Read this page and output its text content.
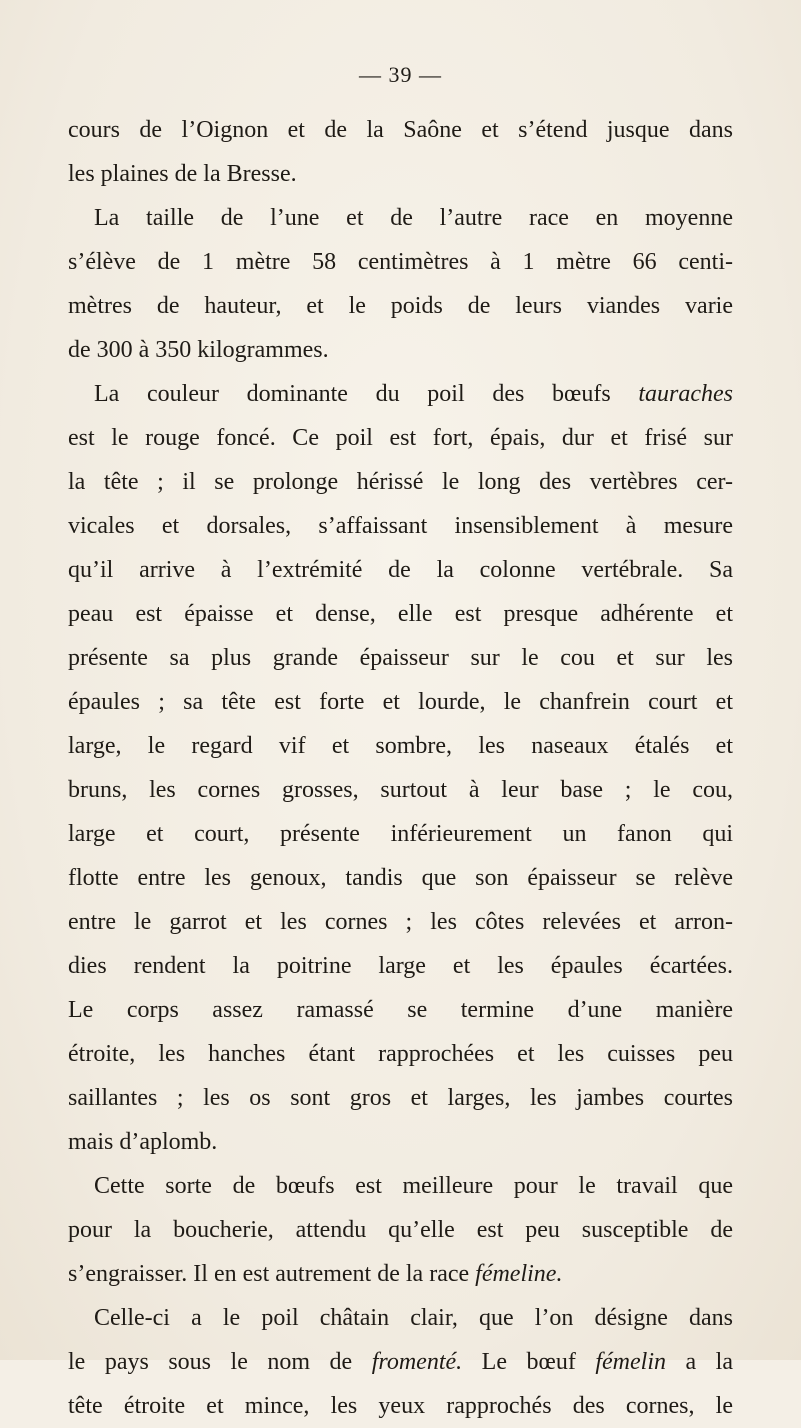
— 39 —
cours de l’Oignon et de la Saône et s’étend jusque dans
les plaines de la Bresse.
La taille de l’une et de l’autre race en moyenne
s’élève de 1 mètre 58 centimètres à 1 mètre 66 centi-
mètres de hauteur, et le poids de leurs viandes varie
de 300 à 350 kilogrammes.
La couleur dominante du poil des bœufs tauraches
est le rouge foncé. Ce poil est fort, épais, dur et frisé sur
la tête ; il se prolonge hérissé le long des vertèbres cer-
vicales et dorsales, s’affaissant insensiblement à mesure
qu’il arrive à l’extrémité de la colonne vertébrale. Sa
peau est épaisse et dense, elle est presque adhérente et
présente sa plus grande épaisseur sur le cou et sur les
épaules ; sa tête est forte et lourde, le chanfrein court et
large, le regard vif et sombre, les naseaux étalés et
bruns, les cornes grosses, surtout à leur base ; le cou,
large et court, présente inférieurement un fanon qui
flotte entre les genoux, tandis que son épaisseur se relève
entre le garrot et les cornes ; les côtes relevées et arron-
dies rendent la poitrine large et les épaules écartées.
Le corps assez ramassé se termine d’une manière
étroite, les hanches étant rapprochées et les cuisses peu
saillantes ; les os sont gros et larges, les jambes courtes
mais d’aplomb.
Cette sorte de bœufs est meilleure pour le travail que
pour la boucherie, attendu qu’elle est peu susceptible de
s’engraisser. Il en est autrement de la race fémeline.
Celle-ci a le poil châtain clair, que l’on désigne dans
le pays sous le nom de fromenté. Le bœuf fémelin a la
tête étroite et mince, les yeux rapprochés des cornes, le
